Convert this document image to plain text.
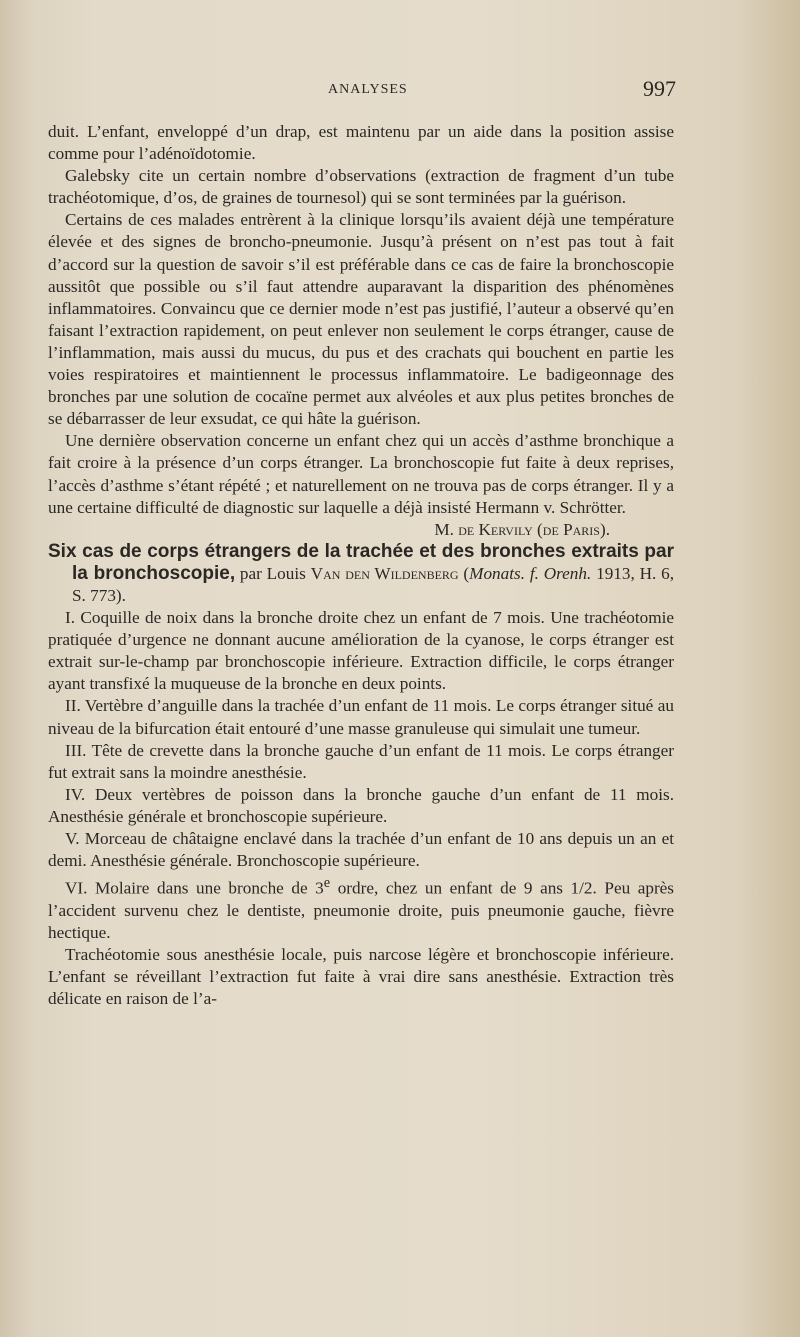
ANALYSES	997

duit. L’enfant, enveloppé d’un drap, est maintenu par un aide dans la position assise comme pour l’adénoïdotomie.

Galebsky cite un certain nombre d’observations (extraction de fragment d’un tube trachéotomique, d’os, de graines de tournesol) qui se sont terminées par la guérison.

Certains de ces malades entrèrent à la clinique lorsqu’ils avaient déjà une température élevée et des signes de broncho-pneumonie. Jusqu’à présent on n’est pas tout à fait d’accord sur la question de savoir s’il est préférable dans ce cas de faire la bronchoscopie aussitôt que possible ou s’il faut attendre auparavant la disparition des phénomènes inflammatoires. Convaincu que ce dernier mode n’est pas justifié, l’auteur a observé qu’en faisant l’extraction rapidement, on peut enlever non seulement le corps étranger, cause de l’inflammation, mais aussi du mucus, du pus et des crachats qui bouchent en partie les voies respiratoires et maintiennent le processus inflammatoire. Le badigeonnage des bronches par une solution de cocaïne permet aux alvéoles et aux plus petites bronches de se débarrasser de leur exsudat, ce qui hâte la guérison.

Une dernière observation concerne un enfant chez qui un accès d’asthme bronchique a fait croire à la présence d’un corps étranger. La bronchoscopie fut faite à deux reprises, l’accès d’asthme s’étant répété ; et naturellement on ne trouva pas de corps étranger. Il y a une certaine difficulté de diagnostic sur laquelle a déjà insisté Hermann v. Schrötter.

M. de Kervily (de Paris).

Six cas de corps étrangers de la trachée et des bronches extraits par la bronchoscopie, par Louis Van den Wildenberg (Monats. f. Orenh. 1913, H. 6, S. 773).

I. Coquille de noix dans la bronche droite chez un enfant de 7 mois. Une trachéotomie pratiquée d’urgence ne donnant aucune amélioration de la cyanose, le corps étranger est extrait sur-le-champ par bronchoscopie inférieure. Extraction difficile, le corps étranger ayant transfixé la muqueuse de la bronche en deux points.

II. Vertèbre d’anguille dans la trachée d’un enfant de 11 mois. Le corps étranger situé au niveau de la bifurcation était entouré d’une masse granuleuse qui simulait une tumeur.

III. Tête de crevette dans la bronche gauche d’un enfant de 11 mois. Le corps étranger fut extrait sans la moindre anesthésie.

IV. Deux vertèbres de poisson dans la bronche gauche d’un enfant de 11 mois. Anesthésie générale et bronchoscopie supérieure.

V. Morceau de châtaigne enclavé dans la trachée d’un enfant de 10 ans depuis un an et demi. Anesthésie générale. Bronchoscopie supérieure.

VI. Molaire dans une bronche de 3e ordre, chez un enfant de 9 ans 1/2. Peu après l’accident survenu chez le dentiste, pneumonie droite, puis pneumonie gauche, fièvre hectique.

Trachéotomie sous anesthésie locale, puis narcose légère et bronchoscopie inférieure. L’enfant se réveillant l’extraction fut faite à vrai dire sans anesthésie. Extraction très délicate en raison de l’a-
